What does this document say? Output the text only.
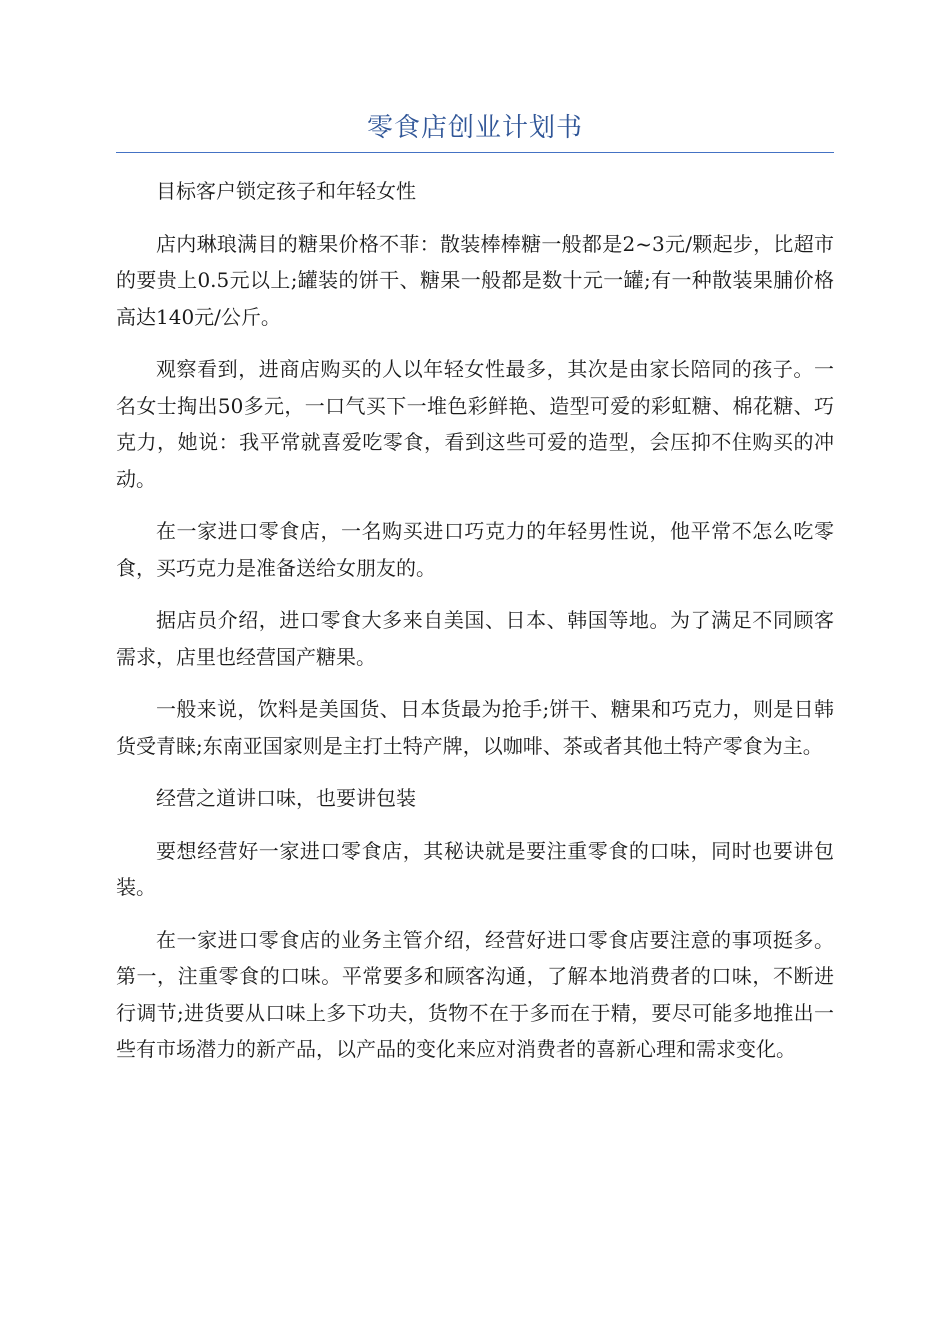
零食店创业计划书

目标客户锁定孩子和年轻女性

店内琳琅满目的糖果价格不菲：散装棒棒糖一般都是2~3元/颗起步，比超市的要贵上0.5元以上;罐装的饼干、糖果一般都是数十元一罐;有一种散装果脯价格高达140元/公斤。

观察看到，进商店购买的人以年轻女性最多，其次是由家长陪同的孩子。一名女士掏出50多元，一口气买下一堆色彩鲜艳、造型可爱的彩虹糖、棉花糖、巧克力，她说：我平常就喜爱吃零食，看到这些可爱的造型，会压抑不住购买的冲动。

在一家进口零食店，一名购买进口巧克力的年轻男性说，他平常不怎么吃零食，买巧克力是准备送给女朋友的。

据店员介绍，进口零食大多来自美国、日本、韩国等地。为了满足不同顾客需求，店里也经营国产糖果。

一般来说，饮料是美国货、日本货最为抢手;饼干、糖果和巧克力，则是日韩货受青睐;东南亚国家则是主打土特产牌，以咖啡、茶或者其他土特产零食为主。

经营之道讲口味，也要讲包装

要想经营好一家进口零食店，其秘诀就是要注重零食的口味，同时也要讲包装。

在一家进口零食店的业务主管介绍，经营好进口零食店要注意的事项挺多。第一，注重零食的口味。平常要多和顾客沟通，了解本地消费者的口味，不断进行调节;进货要从口味上多下功夫，货物不在于多而在于精，要尽可能多地推出一些有市场潜力的新产品，以产品的变化来应对消费者的喜新心理和需求变化。
